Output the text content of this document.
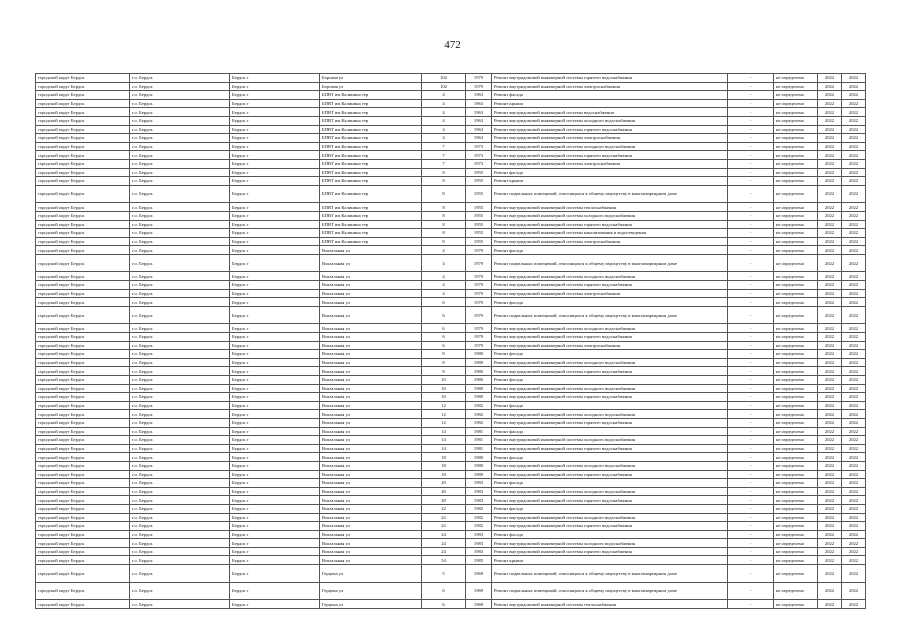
472
городской округ Бердск	г.о. Бердск	Бердск г	Боровая ул	102	1979	Ремонт внутридомовой инженерной системы горячего водоснабжения	-	не определено	2022	2022
городской округ Бердск	г.о. Бердск	Бердск г	Боровая ул	102	1979	Ремонт внутридомовой инженерной системы электроснабжения	-	не определено	2022	2022
городской округ Бердск	г.о. Бердск	Бердск г	БПВТ им Калинина тер	4	1963	Ремонт фасада	-	не определено	2022	2022
городской округ Бердск	г.о. Бердск	Бердск г	БПВТ им Калинина тер	4	1963	Ремонт крыши	-	не определено	2022	2022
городской округ Бердск	г.о. Бердск	Бердск г	БПВТ им Калинина тер	4	1963	Ремонт внутридомовой инженерной системы водоснабжения	-	не определено	2022	2022
городской округ Бердск	г.о. Бердск	Бердск г	БПВТ им Калинина тер	4	1963	Ремонт внутридомовой инженерной системы холодного водоснабжения	-	не определено	2022	2022
городской округ Бердск	г.о. Бердск	Бердск г	БПВТ им Калинина тер	4	1963	Ремонт внутридомовой инженерной системы горячего водоснабжения	-	не определено	2022	2022
городской округ Бердск	г.о. Бердск	Бердск г	БПВТ им Калинина тер	4	1963	Ремонт внутридомовой инженерной системы электроснабжения	-	не определено	2022	2022
городской округ Бердск	г.о. Бердск	Бердск г	БПВТ им Калинина тер	7	1973	Ремонт внутридомовой инженерной системы холодного водоснабжения	-	не определено	2022	2022
городской округ Бердск	г.о. Бердск	Бердск г	БПВТ им Калинина тер	7	1973	Ремонт внутридомовой инженерной системы горячего водоснабжения	-	не определено	2022	2022
городской округ Бердск	г.о. Бердск	Бердск г	БПВТ им Калинина тер	7	1973	Ремонт внутридомовой инженерной системы электроснабжения	-	не определено	2022	2022
городской округ Бердск	г.о. Бердск	Бердск г	БПВТ им Калинина тер	8	1955	Ремонт фасада	-	не определено	2022	2022
городской округ Бердск	г.о. Бердск	Бердск г	БПВТ им Калинина тер	8	1955	Ремонт крыши	-	не определено	2022	2022
городской округ Бердск	г.о. Бердск	Бердск г	БПВТ им Калинина тер	8	1955	Ремонт подвальных помещений, относящихся к общему имуществу в многоквартирном доме	-	не определено	2022	2022
городской округ Бердск	г.о. Бердск	Бердск г	БПВТ им Калинина тер	8	1955	Ремонт внутридомовой инженерной системы теплоснабжения	-	не определено	2022	2022
городской округ Бердск	г.о. Бердск	Бердск г	БПВТ им Калинина тер	8	1955	Ремонт внутридомовой инженерной системы холодного водоснабжения	-	не определено	2022	2022
городской округ Бердск	г.о. Бердск	Бердск г	БПВТ им Калинина тер	8	1955	Ремонт внутридомовой инженерной системы горячего водоснабжения	-	не определено	2022	2022
городской округ Бердск	г.о. Бердск	Бердск г	БПВТ им Калинина тер	8	1955	Ремонт внутридомовой инженерной системы канализования и водоотведения	-	не определено	2022	2022
городской округ Бердск	г.о. Бердск	Бердск г	БПВТ им Калинина тер	8	1955	Ремонт внутридомовой инженерной системы электроснабжения	-	не определено	2022	2022
городской округ Бердск	г.о. Бердск	Бердск г	Вокзальная ул	4	1979	Ремонт фасада	-	не определено	2022	2022
городской округ Бердск	г.о. Бердск	Бердск г	Вокзальная ул	4	1979	Ремонт подвальных помещений, относящихся к общему имуществу в многоквартирном доме	-	не определено	2022	2022
городской округ Бердск	г.о. Бердск	Бердск г	Вокзальная ул	4	1979	Ремонт внутридомовой инженерной системы холодного водоснабжения	-	не определено	2022	2022
городской округ Бердск	г.о. Бердск	Бердск г	Вокзальная ул	4	1979	Ремонт внутридомовой инженерной системы горячего водоснабжения	-	не определено	2022	2022
городской округ Бердск	г.о. Бердск	Бердск г	Вокзальная ул	4	1979	Ремонт внутридомовой инженерной системы электроснабжения	-	не определено	2022	2022
городской округ Бердск	г.о. Бердск	Бердск г	Вокзальная ул	6	1979	Ремонт фасада	-	не определено	2022	2022
городской округ Бердск	г.о. Бердск	Бердск г	Вокзальная ул	6	1979	Ремонт подвальных помещений, относящихся к общему имуществу в многоквартирном доме	-	не определено	2022	2022
городской округ Бердск	г.о. Бердск	Бердск г	Вокзальная ул	6	1979	Ремонт внутридомовой инженерной системы холодного водоснабжения	-	не определено	2022	2022
городской округ Бердск	г.о. Бердск	Бердск г	Вокзальная ул	6	1979	Ремонт внутридомовой инженерной системы горячего водоснабжения	-	не определено	2022	2022
городской округ Бердск	г.о. Бердск	Бердск г	Вокзальная ул	6	1979	Ремонт внутридомовой инженерной системы электроснабжения	-	не определено	2022	2022
городской округ Бердск	г.о. Бердск	Бердск г	Вокзальная ул	8	1980	Ремонт фасада	-	не определено	2022	2022
городской округ Бердск	г.о. Бердск	Бердск г	Вокзальная ул	8	1980	Ремонт внутридомовой инженерной системы холодного водоснабжения	-	не определено	2022	2022
городской округ Бердск	г.о. Бердск	Бердск г	Вокзальная ул	8	1980	Ремонт внутридомовой инженерной системы горячего водоснабжения	-	не определено	2022	2022
городской округ Бердск	г.о. Бердск	Бердск г	Вокзальная ул	10	1980	Ремонт фасада	-	не определено	2022	2022
городской округ Бердск	г.о. Бердск	Бердск г	Вокзальная ул	10	1980	Ремонт внутридомовой инженерной системы холодного водоснабжения	-	не определено	2022	2022
городской округ Бердск	г.о. Бердск	Бердск г	Вокзальная ул	10	1980	Ремонт внутридомовой инженерной системы горячего водоснабжения	-	не определено	2022	2022
городской округ Бердск	г.о. Бердск	Бердск г	Вокзальная ул	12	1982	Ремонт фасада	-	не определено	2022	2022
городской округ Бердск	г.о. Бердск	Бердск г	Вокзальная ул	12	1982	Ремонт внутридомовой инженерной системы холодного водоснабжения	-	не определено	2022	2022
городской округ Бердск	г.о. Бердск	Бердск г	Вокзальная ул	12	1982	Ремонт внутридомовой инженерной системы горячего водоснабжения	-	не определено	2022	2022
городской округ Бердск	г.о. Бердск	Бердск г	Вокзальная ул	14	1981	Ремонт фасада	-	не определено	2022	2022
городской округ Бердск	г.о. Бердск	Бердск г	Вокзальная ул	14	1981	Ремонт внутридомовой инженерной системы холодного водоснабжения	-	не определено	2022	2022
городской округ Бердск	г.о. Бердск	Бердск г	Вокзальная ул	14	1981	Ремонт внутридомовой инженерной системы горячего водоснабжения	-	не определено	2022	2022
городской округ Бердск	г.о. Бердск	Бердск г	Вокзальная ул	18	1980	Ремонт фасада	-	не определено	2022	2022
городской округ Бердск	г.о. Бердск	Бердск г	Вокзальная ул	18	1980	Ремонт внутридомовой инженерной системы холодного водоснабжения	-	не определено	2022	2022
городской округ Бердск	г.о. Бердск	Бердск г	Вокзальная ул	18	1980	Ремонт внутридомовой инженерной системы горячего водоснабжения	-	не определено	2022	2022
городской округ Бердск	г.о. Бердск	Бердск г	Вокзальная ул	20	1983	Ремонт фасада	-	не определено	2022	2022
городской округ Бердск	г.о. Бердск	Бердск г	Вокзальная ул	20	1983	Ремонт внутридомовой инженерной системы холодного водоснабжения	-	не определено	2022	2022
городской округ Бердск	г.о. Бердск	Бердск г	Вокзальная ул	20	1983	Ремонт внутридомовой инженерной системы горячего водоснабжения	-	не определено	2022	2022
городской округ Бердск	г.о. Бердск	Бердск г	Вокзальная ул	22	1982	Ремонт фасада	-	не определено	2022	2022
городской округ Бердск	г.о. Бердск	Бердск г	Вокзальная ул	22	1982	Ремонт внутридомовой инженерной системы холодного водоснабжения	-	не определено	2022	2022
городской округ Бердск	г.о. Бердск	Бердск г	Вокзальная ул	22	1982	Ремонт внутридомовой инженерной системы горячего водоснабжения	-	не определено	2022	2022
городской округ Бердск	г.о. Бердск	Бердск г	Вокзальная ул	24	1983	Ремонт фасада	-	не определено	2022	2022
городской округ Бердск	г.о. Бердск	Бердск г	Вокзальная ул	24	1983	Ремонт внутридомовой инженерной системы холодного водоснабжения	-	не определено	2022	2022
городской округ Бердск	г.о. Бердск	Бердск г	Вокзальная ул	24	1983	Ремонт внутридомовой инженерной системы горячего водоснабжения	-	не определено	2022	2022
городской округ Бердск	г.о. Бердск	Бердск г	Вокзальная ул	54	1985	Ремонт крыши	-	не определено	2022	2022
городской округ Бердск	г.о. Бердск	Бердск г	Герцена ул	5	1969	Ремонт подвальных помещений, относящихся к общему имуществу в многоквартирном доме	-	не определено	2022	2022
городской округ Бердск	г.о. Бердск	Бердск г	Герцена ул	6	1969	Ремонт подвальных помещений, относящихся к общему имуществу в многоквартирном доме	-	не определено	2022	2022
городской округ Бердск	г.о. Бердск	Бердск г	Герцена ул	6	1969	Ремонт внутридомовой инженерной системы теплоснабжения	-	не определено	2022	2022
